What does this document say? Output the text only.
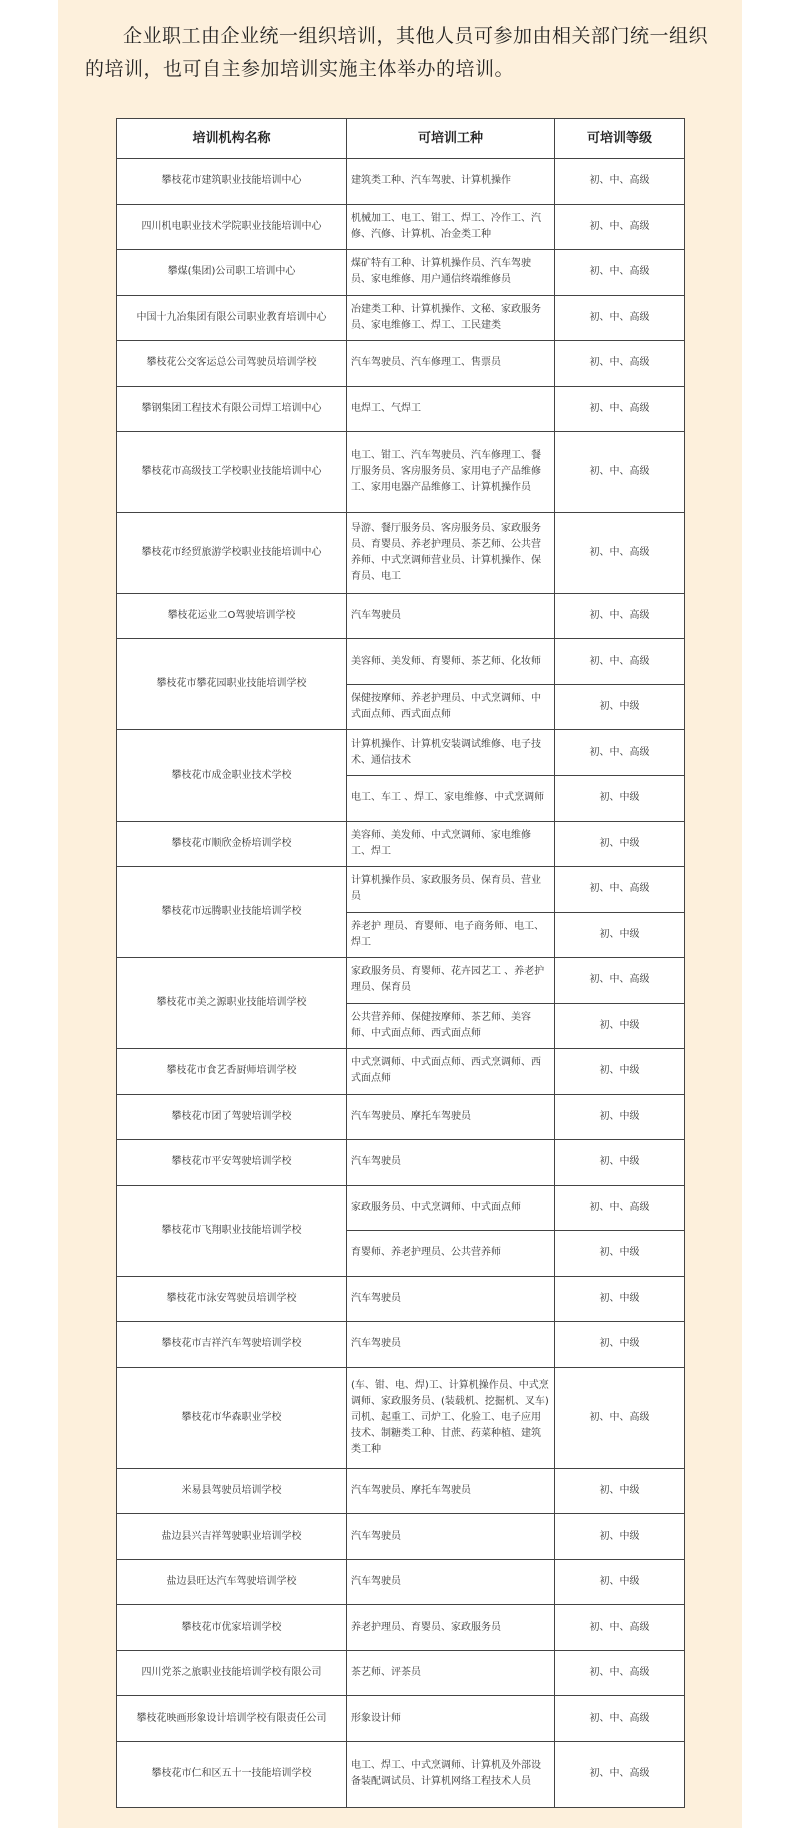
企业职工由企业统一组织培训，其他人员可参加由相关部门统一组织的培训，也可自主参加培训实施主体举办的培训。

培训机构名称	可培训工种	可培训等级
攀枝花市建筑职业技能培训中心	建筑类工种、汽车驾驶、计算机操作	初、中、高级
四川机电职业技术学院职业技能培训中心	机械加工、电工、钳工、焊工、冷作工、汽修、汽修、计算机、冶金类工种	初、中、高级
攀煤(集团)公司职工培训中心	煤矿特有工种、计算机操作员、汽车驾驶员、家电维修、用户通信终端维修员	初、中、高级
中国十九冶集团有限公司职业教育培训中心	冶建类工种、计算机操作、文秘、家政服务员、家电维修工、焊工、工民建类	初、中、高级
攀枝花公交客运总公司驾驶员培训学校	汽车驾驶员、汽车修理工、售票员	初、中、高级
攀钢集团工程技术有限公司焊工培训中心	电焊工、气焊工	初、中、高级
攀枝花市高级技工学校职业技能培训中心	电工、钳工、汽车驾驶员、汽车修理工、餐厅服务员、客房服务员、家用电子产品维修工、家用电器产品维修工、计算机操作员	初、中、高级
攀枝花市经贸旅游学校职业技能培训中心	导游、餐厅服务员、客房服务员、家政服务员、育婴员、养老护理员、茶艺师、公共营养师、中式烹调师营业员、计算机操作、保育员、电工	初、中、高级
攀枝花运业二O驾驶培训学校	汽车驾驶员	初、中、高级
攀枝花市攀花园职业技能培训学校	美容师、美发师、育婴师、茶艺师、化妆师	初、中、高级
	保健按摩师、养老护理员、中式烹调师、中式面点师、西式面点师	初、中级
攀枝花市成金职业技术学校	计算机操作、计算机安装调试维修、电子技术、通信技术	初、中、高级
	电工、车工 、焊工、家电维修、中式烹调师	初、中级
攀枝花市顺欣金桥培训学校	美容师、美发师、中式烹调师、家电维修工、焊工	初、中级
攀枝花市远腾职业技能培训学校	计算机操作员、家政服务员、保育员、营业员	初、中、高级
	养老护 理员、育婴师、电子商务师、电工、焊工	初、中级
攀枝花市美之源职业技能培训学校	家政服务员、育婴师、花卉园艺工 、养老护理员、保育员	初、中、高级
	公共营养师、保健按摩师、茶艺师、美容师、中式面点师、西式面点师	初、中级
攀枝花市食艺香厨师培训学校	中式烹调师、中式面点师、西式烹调师、西式面点师	初、中级
攀枝花市团了驾驶培训学校	汽车驾驶员、摩托车驾驶员	初、中级
攀枝花市平安驾驶培训学校	汽车驾驶员	初、中级
攀枝花市飞翔职业技能培训学校	家政服务员、中式烹调师、中式面点师	初、中、高级
	育婴师、养老护理员、公共营养师	初、中级
攀枝花市泳安驾驶员培训学校	汽车驾驶员	初、中级
攀枝花市吉祥汽车驾驶培训学校	汽车驾驶员	初、中级
攀枝花市华森职业学校	(车、钳、电、焊)工、计算机操作员、中式烹调师、家政服务员、(装载机、挖掘机、叉车)司机、起重工、司炉工、化验工、电子应用技术、制糖类工种、甘蔗、药菜种植、建筑类工种	初、中、高级
米易县驾驶员培训学校	汽车驾驶员、摩托车驾驶员	初、中级
盐边县兴吉祥驾驶职业培训学校	汽车驾驶员	初、中级
盐边县旺达汽车驾驶培训学校	汽车驾驶员	初、中级
攀枝花市优家培训学校	养老护理员、育婴员、家政服务员	初、中、高级
四川党茶之旅职业技能培训学校有限公司	茶艺师、评茶员	初、中、高级
攀枝花映画形象设计培训学校有限责任公司	形象设计师	初、中、高级
攀枝花市仁和区五十一技能培训学校	电工、焊工、中式烹调师、计算机及外部设备装配调试员、计算机网络工程技术人员	初、中、高级
